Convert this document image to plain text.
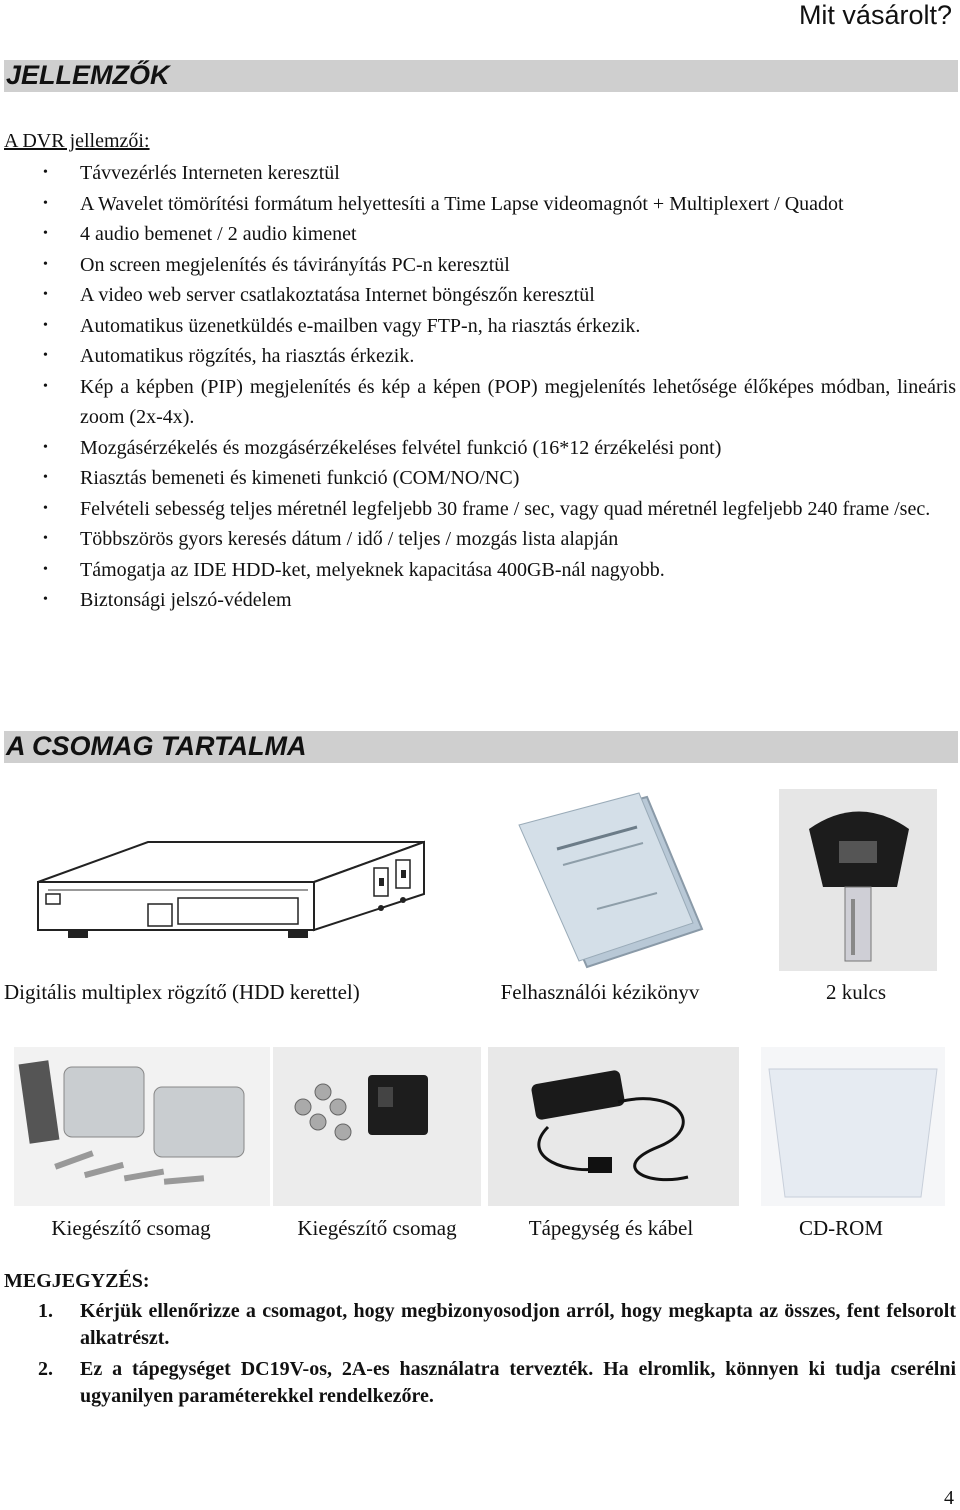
Mit vásárolt?
JELLEMZŐK
A DVR jellemzői:
• Távvezérlés Interneten keresztül
• A Wavelet tömörítési formátum helyettesíti a Time Lapse videomagnót + Multiplexert / Quadot
• 4 audio bemenet / 2 audio kimenet
• On screen megjelenítés és távirányítás PC-n keresztül
• A video web server csatlakoztatása Internet böngészőn keresztül
• Automatikus üzenetküldés e-mailben vagy FTP-n, ha riasztás érkezik.
• Automatikus rögzítés, ha riasztás érkezik.
• Kép a képben (PIP) megjelenítés és kép a képen (POP) megjelenítés lehetősége élőképes módban, lineáris zoom (2x-4x).
• Mozgásérzékelés és mozgásérzékeléses felvétel funkció (16*12 érzékelési pont)
• Riasztás bemeneti és kimeneti funkció (COM/NO/NC)
• Felvételi sebesség teljes méretnél legfeljebb 30 frame / sec, vagy quad méretnél legfeljebb 240 frame /sec.
• Többszörös gyors keresés dátum / idő / teljes / mozgás lista alapján
• Támogatja az IDE HDD-ket, melyeknek kapacitása 400GB-nál nagyobb.
• Biztonsági jelszó-védelem
A CSOMAG TARTALMA
Digitális multiplex rögzítő (HDD kerettel)	Felhasználói kézikönyv	2 kulcs
Kiegészítő csomag	Kiegészítő csomag	Tápegység és kábel	CD-ROM
MEGJEGYZÉS:
1. Kérjük ellenőrizze a csomagot, hogy megbizonyosodjon arról, hogy megkapta az összes, fent felsorolt alkatrészt.
2. Ez a tápegységet DC19V-os, 2A-es használatra tervezték. Ha elromlik, könnyen ki tudja cserélni ugyanilyen paraméterekkel rendelkezőre.
4
